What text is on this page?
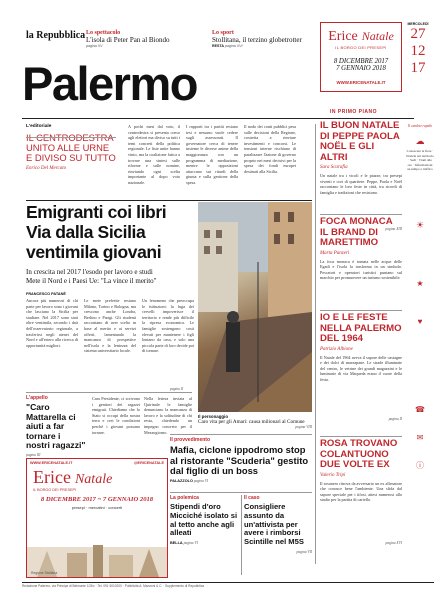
la Repubblica Lo spettacolo
L'isola di Peter Pan al Biondo
pagina XV
Lo sport
Stollitana, il terzino globetrotter
RESTA pagina XVI
Erice Natale
IL BORGO DEI PRESEPI
8 DICEMBRE 2017
7 GENNAIO 2018
WWW.ERICENATALE.IT
MERCOLEDÌ
27
12
17
Palermo
IN PRIMO PIANO
L'editoriale
IL CENTRODESTRA UNITO ALLE URNE E DIVISO SU TUTTO
Enrico Del Mercato

A pochi mesi dal voto, il centrodestra si presenta coeso agli elettori ma diviso su tutti i temi concreti della politica regionale. Le liste unite hanno vinto, ma la coalizione fatica a trovare una sintesi sulle riforme e sulle nomine, rinviando ogni scelta importante al dopo voto nazionale.

I rapporti tra i partiti restano tesi e nessuno vuole cedere sugli assessorati. Il governatore cerca di tenere insieme le diverse anime della maggioranza con un programma di mediazione, mentre le opposizioni attaccano sui ritardi della giunta e sulla gestione della spesa.

Il nodo dei conti pubblici pesa sulle decisioni della Regione, costretta a rinviare investimenti e concorsi. Le tensioni interne rischiano di paralizzare l'azione di governo proprio nei mesi decisivi per la spesa dei fondi europei destinati alla Sicilia.

IL BUON NATALE DI PEPPE PAOLA NOËL E GLI ALTRI
Sara Scarafia

Un natale tra i vicoli e le piazze, tra presepi viventi e cori di quartiere. Peppe, Paola e Noël raccontano le loro feste in città, tra ricordi di famiglia e tradizioni che resistono.

pagina XIII
FOCA MONACA IL BRAND DI MARETTIMO
Marta Panzeri

La foca monaca è tornata nelle acque delle Egadi e l'isola la trasforma in un simbolo. Pescatori e operatori turistici puntano sul marchio per promuovere un turismo sostenibile.

IO E LE FESTE NELLA PALERMO DEL 1964
Patrizio Albione

Il Natale del 1964 aveva il sapore delle castagne e dei dolci di marzapane. Le strade illuminate del centro, le vetrine dei grandi magazzini e le luminarie di via Maqueda erano il cuore della festa.

pagina II
ROSA TROVANO COLANTUONO DUE VOLTE EX
Valerio Tripi

Il rosanero ritrova da avversario un ex allenatore che conosce bene l'ambiente. Una sfida dal sapore speciale per i tifosi, attesi numerosi allo stadio per la partita di cartello.

pagina XVI
Il cambio rapido
☁

Conoscere le fiere · Notizie sul territorio · Sedi · Tram alle ore · Informazioni su tempo e traffico

☀
★
♥
☎
✉
ⓘ
Emigranti coi libri
Via dalla Sicilia
ventimila giovani
In crescita nel 2017 l'esodo per lavoro e studi
Mete il Nord e i Paesi Ue: "La vince il merito"
FRANCESCO PATANÈ

Ancora più numerosi di chi parte per lavoro sono i giovani che lasciano la Sicilia per studiare. Nel 2017 sono stati oltre ventimila, secondo i dati dell'osservatorio regionale, a trasferirsi negli atenei del Nord e all'estero alla ricerca di opportunità migliori.

Le mete preferite restano Milano, Torino e Bologna, ma crescono anche Londra, Berlino e Parigi. Gli studenti raccontano di aver scelto in base al merito e ai servizi offerti, lamentando la mancanza di prospettive nell'isola e la lentezza del sistema universitario locale.

Un fenomeno che preoccupa le istituzioni: la fuga dei cervelli impoverisce il territorio e rende più difficile la ripresa economica. Le famiglie sostengono costi elevati per mantenere i figli lontano da casa, e solo una piccola parte di loro decide poi di tornare.

pagina II
Il personaggio
Caro vita per gli Amari: causa milionari al Comune
pagina VIII
L'appello
"Caro Mattarella ci aiuti a far tornare i nostri ragazzi"
pagina III

Cara Presidente, ci scrivono i genitori dei ragazzi emigrati. Chiediamo che lo Stato si occupi della nostra terra e crei le condizioni perché i giovani possano tornare.

Nella lettera inviata al Quirinale le famiglie denunciano la mancanza di lavoro e la solitudine di chi resta, chiedendo un impegno concreto per il Mezzogiorno.

WWW.ERICENATALE.IT	@ERICENATALE
Erice Natale
IL BORGO DEI PRESEPI
8 DICEMBRE 2017 ~ 7 GENNAIO 2018
presepi · mercatini · concerti
Regione Siciliana
Il provvedimento
Mafia, ciclone ippodromo stop al ristorante "Scuderia" gestito dal figlio di un boss
PALAZZOLO pagina VI
La polemica
Stipendi d'oro Micciché isolato si al tetto anche agli alleati
BELLA pagina VI
Il caso
Consigliere assunto da un'attivista per avere i rimborsi Scintille nel M5S
pagina VII
Redazione Palermo, via Principe di Belmonte 103/c · Tel. 091 6010200 · Pubblicità A. Manzoni & C. · Supplemento di Repubblica
